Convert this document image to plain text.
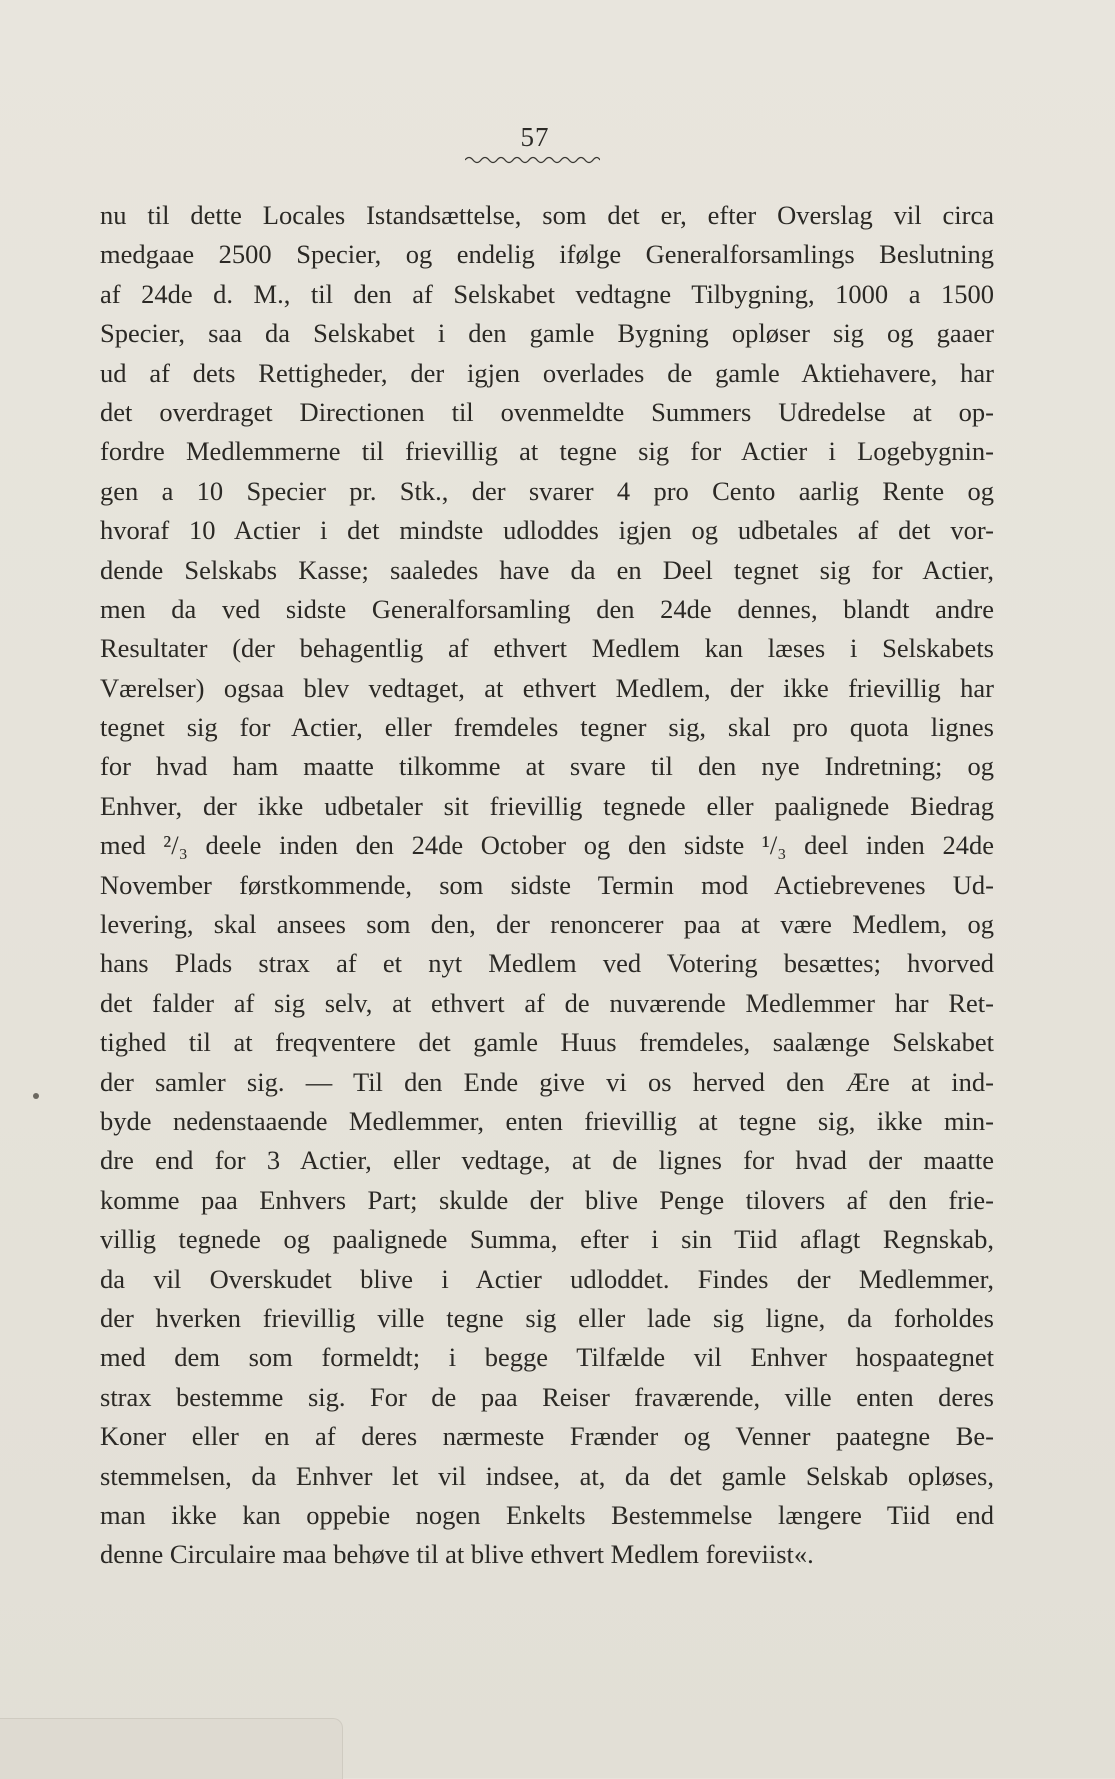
57
nu til dette Locales Istandsættelse, som det er, efter Overslag vil circa
medgaae 2500 Specier, og endelig ifølge Generalforsamlings Beslutning
af 24de d. M., til den af Selskabet vedtagne Tilbygning, 1000 a 1500
Specier, saa da Selskabet i den gamle Bygning opløser sig og gaaer
ud af dets Rettigheder, der igjen overlades de gamle Aktiehavere, har
det overdraget Directionen til ovenmeldte Summers Udredelse at op-
fordre Medlemmerne til frievillig at tegne sig for Actier i Logebygnin-
gen a 10 Specier pr. Stk., der svarer 4 pro Cento aarlig Rente og
hvoraf 10 Actier i det mindste udloddes igjen og udbetales af det vor-
dende Selskabs Kasse; saaledes have da en Deel tegnet sig for Actier,
men da ved sidste Generalforsamling den 24de dennes, blandt andre
Resultater (der behagentlig af ethvert Medlem kan læses i Selskabets
Værelser) ogsaa blev vedtaget, at ethvert Medlem, der ikke frievillig har
tegnet sig for Actier, eller fremdeles tegner sig, skal pro quota lignes
for hvad ham maatte tilkomme at svare til den nye Indretning; og
Enhver, der ikke udbetaler sit frievillig tegnede eller paalignede Biedrag
med ²/₃ deele inden den 24de October og den sidste ¹/₃ deel inden 24de
November førstkommende, som sidste Termin mod Actiebrevenes Ud-
levering, skal ansees som den, der renoncerer paa at være Medlem, og
hans Plads strax af et nyt Medlem ved Votering besættes; hvorved
det falder af sig selv, at ethvert af de nuværende Medlemmer har Ret-
tighed til at freqventere det gamle Huus fremdeles, saalænge Selskabet
der samler sig. — Til den Ende give vi os herved den Ære at ind-
byde nedenstaaende Medlemmer, enten frievillig at tegne sig, ikke min-
dre end for 3 Actier, eller vedtage, at de lignes for hvad der maatte
komme paa Enhvers Part; skulde der blive Penge tilovers af den frie-
villig tegnede og paalignede Summa, efter i sin Tiid aflagt Regnskab,
da vil Overskudet blive i Actier udloddet. Findes der Medlemmer,
der hverken frievillig ville tegne sig eller lade sig ligne, da forholdes
med dem som formeldt; i begge Tilfælde vil Enhver hospaategnet
strax bestemme sig. For de paa Reiser fraværende, ville enten deres
Koner eller en af deres nærmeste Frænder og Venner paategne Be-
stemmelsen, da Enhver let vil indsee, at, da det gamle Selskab opløses,
man ikke kan oppebie nogen Enkelts Bestemmelse længere Tiid end
denne Circulaire maa behøve til at blive ethvert Medlem foreviist«.
